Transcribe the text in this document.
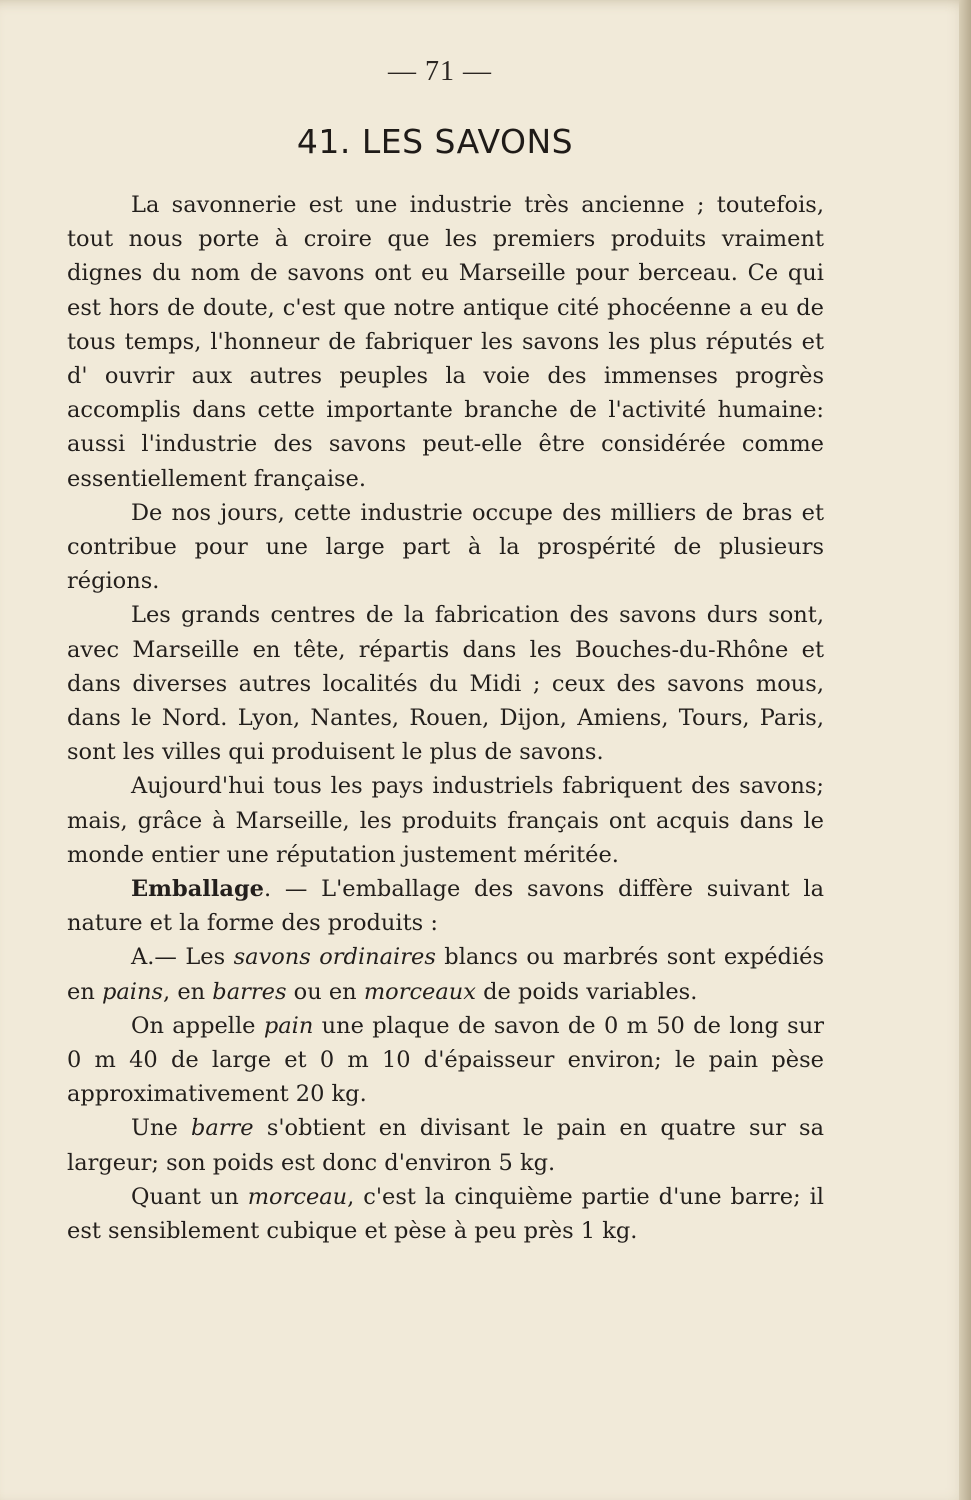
— 71 —
41. LES SAVONS

La savonnerie est une industrie très ancienne ; toutefois, tout nous porte à croire que les premiers produits vraiment dignes du nom de savons ont eu Marseille pour berceau. Ce qui est hors de doute, c'est que notre antique cité phocéenne a eu de tous temps, l'honneur de fabriquer les savons les plus réputés et d' ouvrir aux autres peuples la voie des immenses progrès accomplis dans cette importante branche de l'activité humaine: aussi l'industrie des savons peut-elle être considérée comme essentiellement française.

De nos jours, cette industrie occupe des milliers de bras et contribue pour une large part à la prospérité de plusieurs régions.

Les grands centres de la fabrication des savons durs sont, avec Marseille en tête, répartis dans les Bouches-du-Rhône et dans diverses autres localités du Midi ; ceux des savons mous, dans le Nord. Lyon, Nantes, Rouen, Dijon, Amiens, Tours, Paris, sont les villes qui produisent le plus de savons.

Aujourd'hui tous les pays industriels fabriquent des savons; mais, grâce à Marseille, les produits français ont acquis dans le monde entier une réputation justement méritée.

Emballage. — L'emballage des savons diffère suivant la nature et la forme des produits :

A.— Les savons ordinaires blancs ou marbrés sont expédiés en pains, en barres ou en morceaux de poids variables.

On appelle pain une plaque de savon de 0 m 50 de long sur 0 m 40 de large et 0 m 10 d'épaisseur environ; le pain pèse approximativement 20 kg.

Une barre s'obtient en divisant le pain en quatre sur sa largeur; son poids est donc d'environ 5 kg.

Quant un morceau, c'est la cinquième partie d'une barre; il est sensiblement cubique et pèse à peu près 1 kg.
